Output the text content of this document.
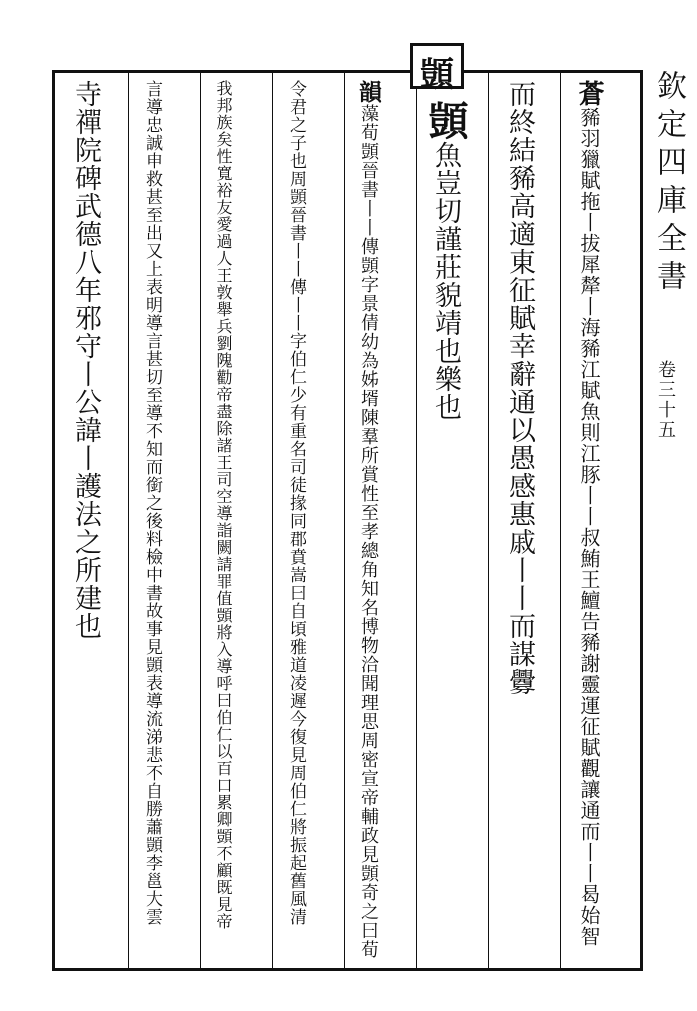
欽定四庫全書
卷三十五
顗	蒼豨羽獵賦拖丨拔犀犛丨海豨江賦魚則江豚丨丨叔鮪王鱣告豨謝靈運征賦觀讓通而丨丨曷始智
而終結豨高適東征賦幸辭通以愚感惠戚丨丨而謀釁
顗魚豈切謹莊貌靖也樂也
韻藻荀顗晉書丨丨傳顗字景倩幼為姊壻陳羣所賞性至孝總角知名博物洽聞理思周密宣帝輔政見顗奇之曰荀
令君之子也周顗晉書丨丨傳丨丨字伯仁少有重名司徒掾同郡賁嵩曰自頃雅道凌遲今復見周伯仁將振起舊風清
我邦族矣性寬裕友愛過人王敦舉兵劉隗勸帝盡除諸王司空導詣闕請罪值顗將入導呼曰伯仁以百口累卿顗不顧既見帝
言導忠誠申救甚至出又上表明導言甚切至導不知而銜之後料檢中書故事見顗表導流涕悲不自勝蕭顗李邕大雲
寺禪院碑武德八年邪守丨公諱丨護法之所建也
